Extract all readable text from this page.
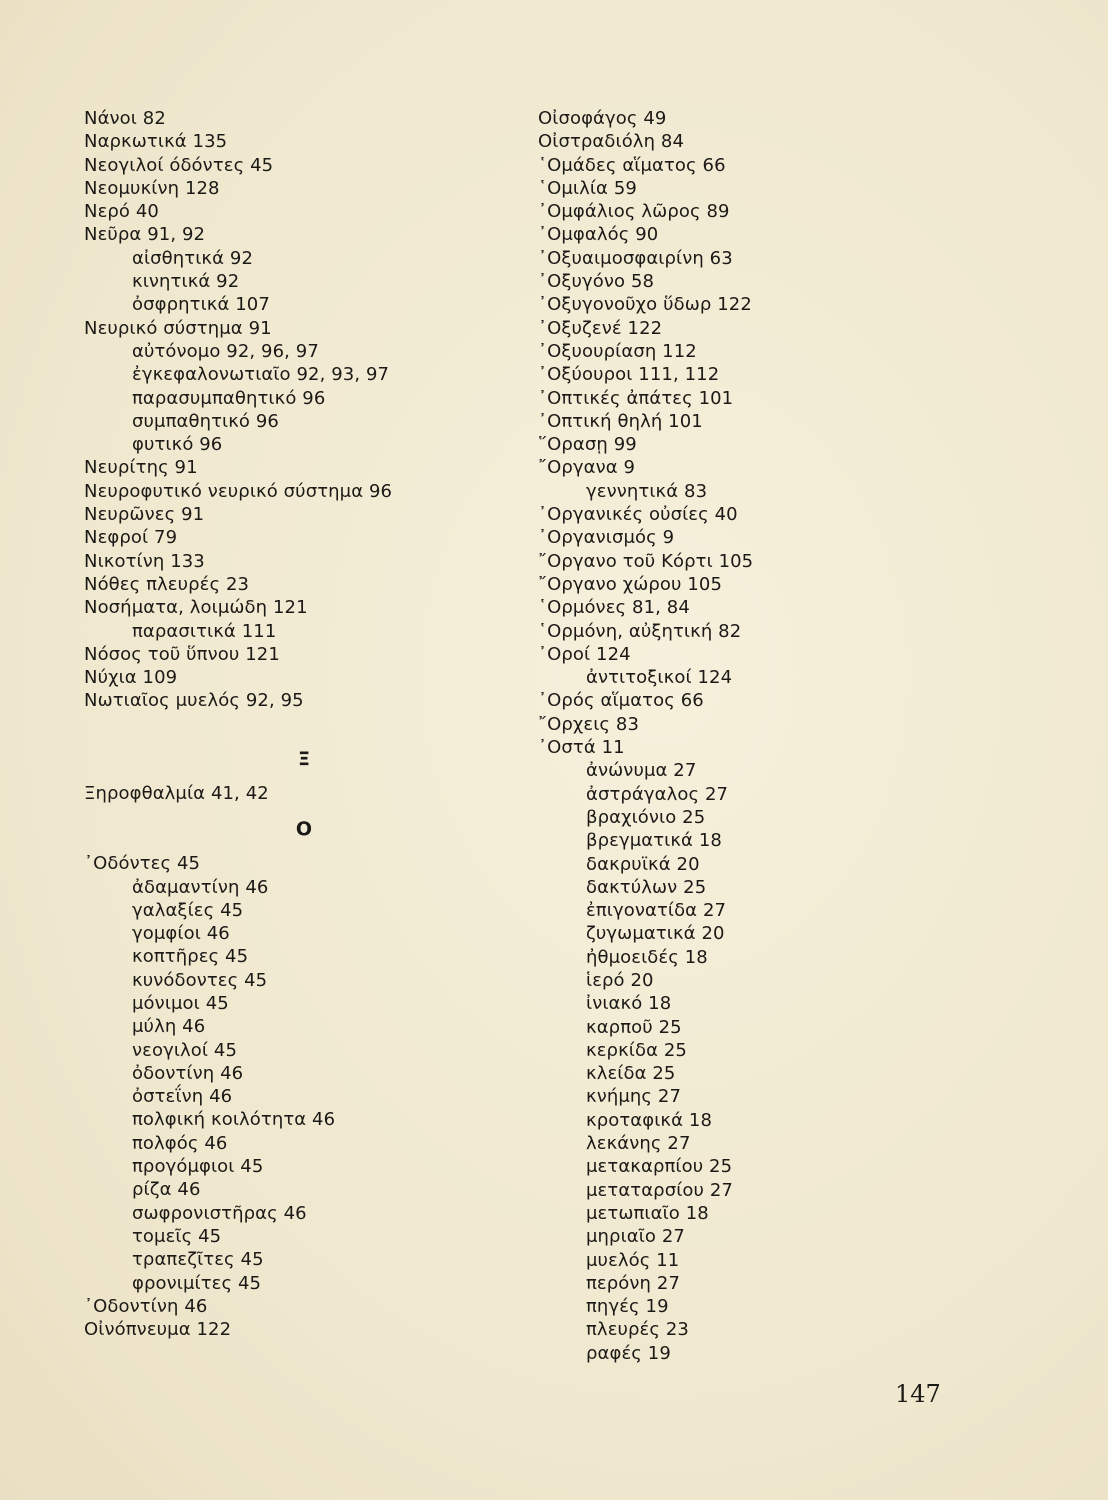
Νάνοι 82
Ναρκωτικά 135
Νεογιλοί όδόντες 45
Νεομυκίνη 128
Νερό 40
Νεῦρα 91, 92
αἰσθητικά 92
κινητικά 92
ὀσφρητικά 107
Νευρικό σύστημα 91
αὐτόνομο 92, 96, 97
ἐγκεφαλονωτιαῖο 92, 93, 97
παρασυμπαθητικό 96
συμπαθητικό 96
φυτικό 96
Νευρίτης 91
Νευροφυτικό νευρικό σύστημα 96
Νευρῶνες 91
Νεφροί 79
Νικοτίνη 133
Νόθες πλευρές 23
Νοσήματα, λοιμώδη 121
παρασιτικά 111
Νόσος τοῦ ὕπνου 121
Νύχια 109
Νωτιαῖος μυελός 92, 95
Ξ
Ξηροφθαλμία 41, 42
Ο
᾿Οδόντες 45
ἀδαμαντίνη 46
γαλαξίες 45
γομφίοι 46
κοπτῆρες 45
κυνόδοντες 45
μόνιμοι 45
μύλη 46
νεογιλοί 45
ὀδοντίνη 46
ὀστεΐνη 46
πολφική κοιλότητα 46
πολφός 46
προγόμφιοι 45
ρίζα 46
σωφρονιστῆρας 46
τομεῖς 45
τραπεζῖτες 45
φρονιμίτες 45
᾿Οδοντίνη 46
Οἰνόπνευμα 122
Οἰσοφάγος 49
Οἰστραδιόλη 84
῾Ομάδες αἵματος 66
῾Ομιλία 59
᾿Ομφάλιος λῶρος 89
᾿Ομφαλός 90
᾿Οξυαιμοσφαιρίνη 63
᾿Οξυγόνο 58
᾿Οξυγονοῦχο ὕδωρ 122
᾿Οξυζενέ 122
᾿Οξυουρίαση 112
᾿Οξύουροι 111, 112
᾿Οπτικές ἀπάτες 101
᾿Οπτική θηλή 101
῞Ορασῃ 99
῎Οργανα 9
γεννητικά 83
᾿Οργανικές οὐσίες 40
᾿Οργανισμός 9
῎Οργανο τοῦ Κόρτι 105
῎Οργανο χώρου 105
῾Ορμόνες 81, 84
῾Ορμόνη, αὐξητική 82
᾿Οροί 124
ἀντιτοξικοί 124
᾿Ορός αἵματος 66
῎Ορχεις 83
᾿Οστά 11
ἀνώνυμα 27
ἀστράγαλος 27
βραχιόνιο 25
βρεγματικά 18
δακρυϊκά 20
δακτύλων 25
ἐπιγονατίδα 27
ζυγωματικά 20
ἠθμοειδές 18
ἱερό 20
ἰνιακό 18
καρποῦ 25
κερκίδα 25
κλείδα 25
κνήμης 27
κροταφικά 18
λεκάνης 27
μετακαρπίου 25
μεταταρσίου 27
μετωπιαῖο 18
μηριαῖο 27
μυελός 11
περόνη 27
πηγές 19
πλευρές 23
ραφές 19
147
